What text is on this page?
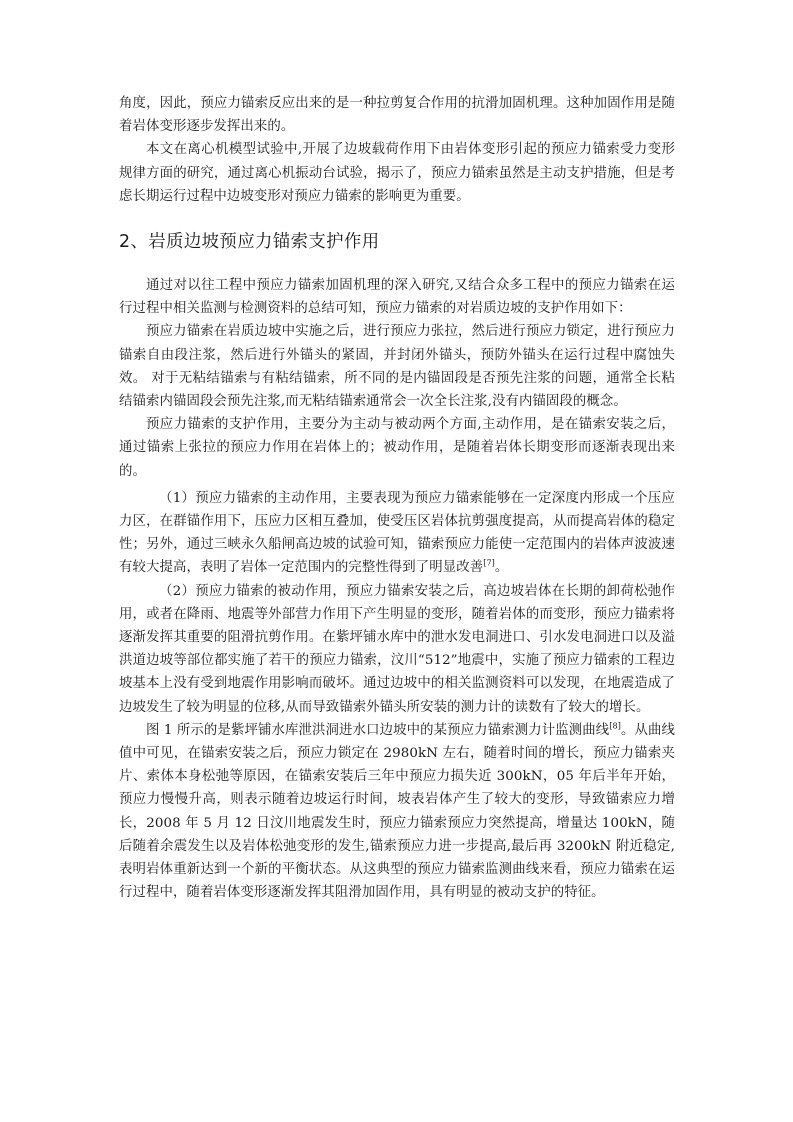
角度，因此，预应力锚索反应出来的是一种拉剪复合作用的抗滑加固机理。这种加固作用是随着岩体变形逐步发挥出来的。

本文在离心机模型试验中,开展了边坡载荷作用下由岩体变形引起的预应力锚索受力变形规律方面的研究，通过离心机振动台试验，揭示了，预应力锚索虽然是主动支护措施，但是考虑长期运行过程中边坡变形对预应力锚索的影响更为重要。

2、岩质边坡预应力锚索支护作用

通过对以往工程中预应力锚索加固机理的深入研究,又结合众多工程中的预应力锚索在运行过程中相关监测与检测资料的总结可知，预应力锚索的对岩质边坡的支护作用如下：

预应力锚索在岩质边坡中实施之后，进行预应力张拉，然后进行预应力锁定，进行预应力锚索自由段注浆，然后进行外锚头的紧固，并封闭外锚头，预防外锚头在运行过程中腐蚀失效。 对于无粘结锚索与有粘结锚索，所不同的是内锚固段是否预先注浆的问题，通常全长粘结锚索内锚固段会预先注浆,而无粘结锚索通常会一次全长注浆,没有内锚固段的概念。

预应力锚索的支护作用，主要分为主动与被动两个方面,主动作用，是在锚索安装之后，通过锚索上张拉的预应力作用在岩体上的；被动作用，是随着岩体长期变形而逐渐表现出来的。

（1）预应力锚索的主动作用，主要表现为预应力锚索能够在一定深度内形成一个压应力区，在群锚作用下，压应力区相互叠加，使受压区岩体抗剪强度提高，从而提高岩体的稳定性；另外，通过三峡永久船闸高边坡的试验可知，锚索预应力能使一定范围内的岩体声波波速有较大提高，表明了岩体一定范围内的完整性得到了明显改善[7]。

（2）预应力锚索的被动作用，预应力锚索安装之后，高边坡岩体在长期的卸荷松弛作用，或者在降雨、地震等外部营力作用下产生明显的变形，随着岩体的而变形，预应力锚索将逐渐发挥其重要的阻滑抗剪作用。在紫坪铺水库中的泄水发电洞进口、引水发电洞进口以及溢洪道边坡等部位都实施了若干的预应力锚索，汶川“512”地震中，实施了预应力锚索的工程边坡基本上没有受到地震作用影响而破坏。通过边坡中的相关监测资料可以发现，在地震造成了边坡发生了较为明显的位移,从而导致锚索外锚头所安装的测力计的读数有了较大的增长。

图 1 所示的是紫坪铺水库泄洪洞进水口边坡中的某预应力锚索测力计监测曲线[8]。从曲线值中可见，在锚索安装之后，预应力锁定在 2980kN 左右，随着时间的增长，预应力锚索夹片、索体本身松弛等原因，在锚索安装后三年中预应力损失近 300kN，05 年后半年开始，预应力慢慢升高，则表示随着边坡运行时间，坡表岩体产生了较大的变形，导致锚索应力增长，2008 年 5 月 12 日汶川地震发生时，预应力锚索预应力突然提高，增量达 100kN，随后随着余震发生以及岩体松弛变形的发生,锚索预应力进一步提高,最后再 3200kN 附近稳定,表明岩体重新达到一个新的平衡状态。从这典型的预应力锚索监测曲线来看，预应力锚索在运行过程中，随着岩体变形逐渐发挥其阻滑加固作用，具有明显的被动支护的特征。
